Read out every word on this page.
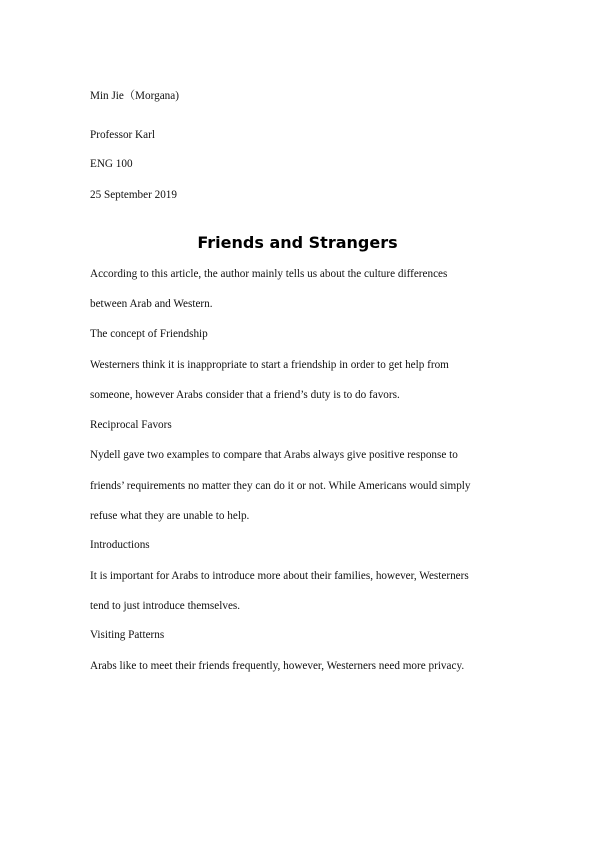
Min Jie（Morgana)

Professor Karl

ENG 100

25 September 2019

Friends and Strangers

According to this article, the author mainly tells us about the culture differences

between Arab and Western.

The concept of Friendship

Westerners think it is inappropriate to start a friendship in order to get help from

someone, however Arabs consider that a friend’s duty is to do favors.

Reciprocal Favors

Nydell gave two examples to compare that Arabs always give positive response to

friends’ requirements no matter they can do it or not. While Americans would simply

refuse what they are unable to help.

Introductions

It is important for Arabs to introduce more about their families, however, Westerners

tend to just introduce themselves.

Visiting Patterns

Arabs like to meet their friends frequently, however, Westerners need more privacy.
